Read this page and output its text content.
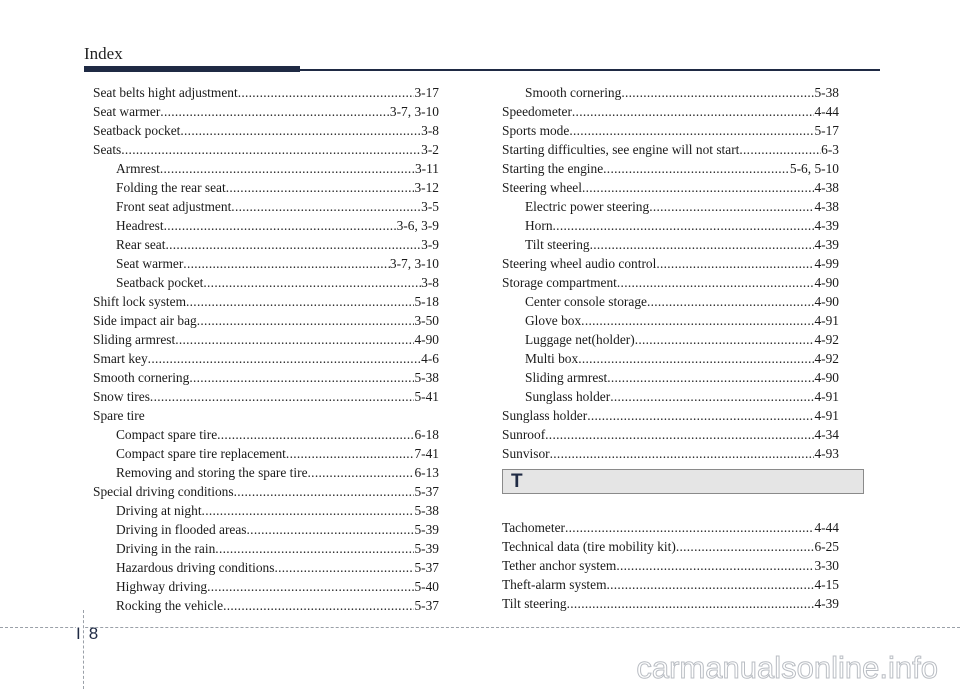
Index
Seat belts hight adjustment .....	3-17
Seat warmer .....	3-7, 3-10
Seatback pocket .....	3-8
Seats .....	3-2
Armrest .....	3-11
Folding the rear seat .....	3-12
Front seat adjustment .....	3-5
Headrest .....	3-6, 3-9
Rear seat .....	3-9
Seat warmer .....	3-7, 3-10
Seatback pocket .....	3-8
Shift lock system .....	5-18
Side impact air bag .....	3-50
Sliding armrest .....	4-90
Smart key .....	4-6
Smooth cornering .....	5-38
Snow tires .....	5-41
Spare tire
Compact spare tire .....	6-18
Compact spare tire replacement .....	7-41
Removing and storing the spare tire .....	6-13
Special driving conditions .....	5-37
Driving at night .....	5-38
Driving in flooded areas .....	5-39
Driving in the rain .....	5-39
Hazardous driving conditions .....	5-37
Highway driving .....	5-40
Rocking the vehicle .....	5-37
Smooth cornering .....	5-38
Speedometer .....	4-44
Sports mode .....	5-17
Starting difficulties, see engine will not start .....	6-3
Starting the engine .....	5-6, 5-10
Steering wheel .....	4-38
Electric power steering .....	4-38
Horn .....	4-39
Tilt steering .....	4-39
Steering wheel audio control .....	4-99
Storage compartment .....	4-90
Center console storage .....	4-90
Glove box .....	4-91
Luggage net(holder) .....	4-92
Multi box .....	4-92
Sliding armrest .....	4-90
Sunglass holder .....	4-91
Sunglass holder .....	4-91
Sunroof .....	4-34
Sunvisor .....	4-93
T
Tachometer .....	4-44
Technical data (tire mobility kit) .....	6-25
Tether anchor system .....	3-30
Theft-alarm system .....	4-15
Tilt steering .....	4-39
I 8
carmanualsonline.info
